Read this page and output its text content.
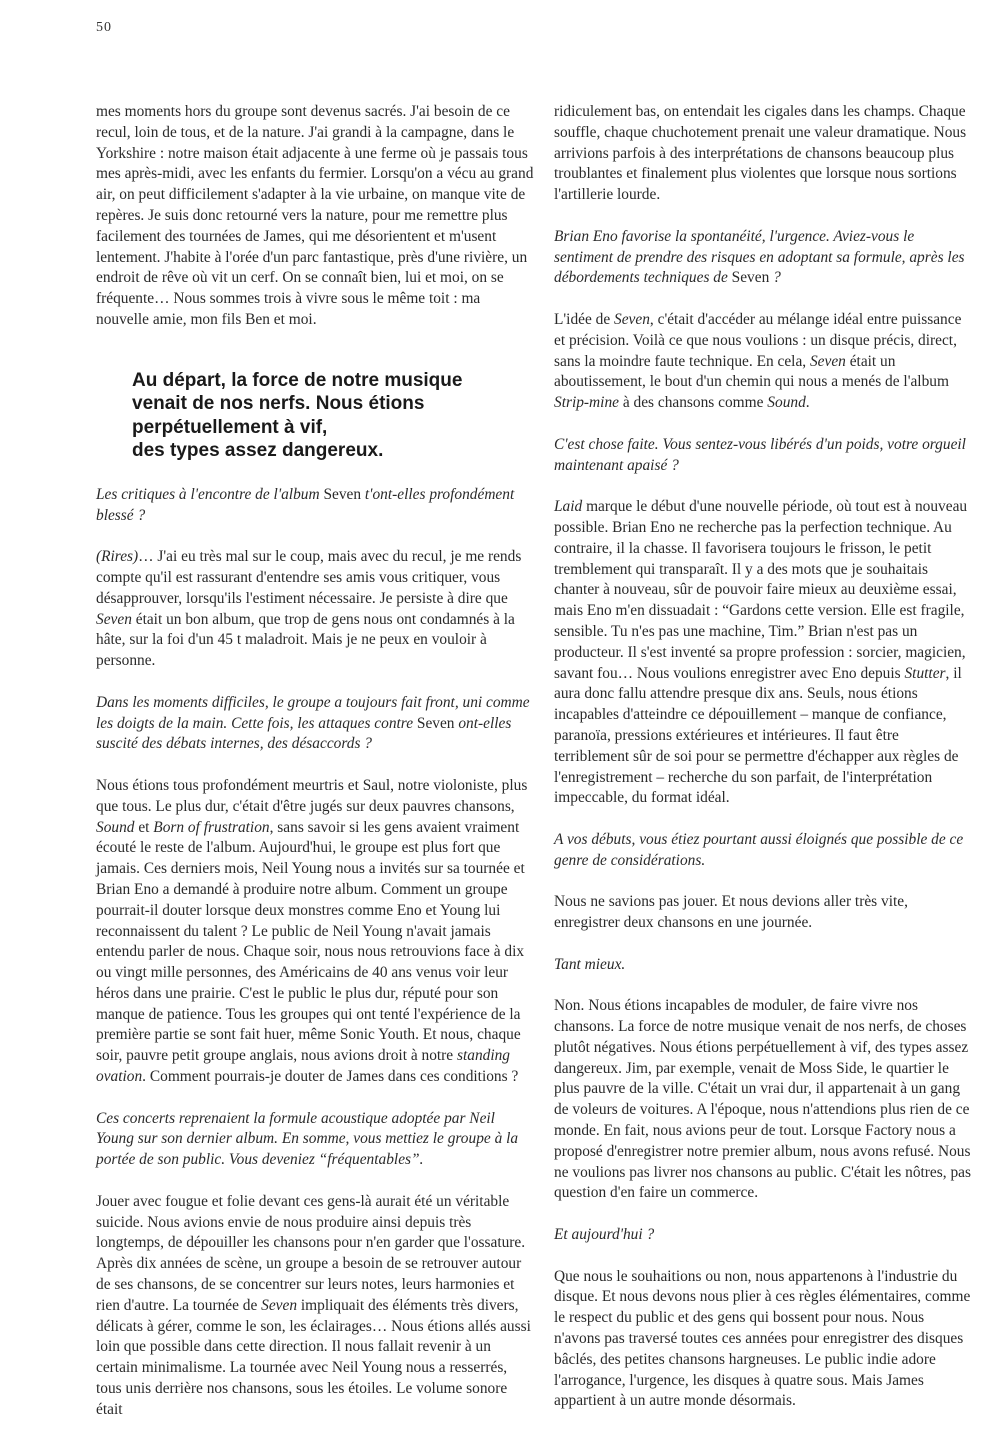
50

mes moments hors du groupe sont devenus sacrés. J'ai besoin de ce recul, loin de tous, et de la nature. J'ai grandi à la campagne, dans le Yorkshire : notre maison était adjacente à une ferme où je passais tous mes après-midi, avec les enfants du fermier. Lorsqu'on a vécu au grand air, on peut difficilement s'adapter à la vie urbaine, on manque vite de repères. Je suis donc retourné vers la nature, pour me remettre plus facilement des tournées de James, qui me désorientent et m'usent lentement. J'habite à l'orée d'un parc fantastique, près d'une rivière, un endroit de rêve où vit un cerf. On se connaît bien, lui et moi, on se fréquente… Nous sommes trois à vivre sous le même toit : ma nouvelle amie, mon fils Ben et moi.

Au départ, la force de notre musique
venait de nos nerfs. Nous étions
perpétuellement à vif,
des types assez dangereux.

Les critiques à l'encontre de l'album Seven t'ont-elles profondément blessé ?

(Rires)… J'ai eu très mal sur le coup, mais avec du recul, je me rends compte qu'il est rassurant d'entendre ses amis vous critiquer, vous désapprouver, lorsqu'ils l'estiment nécessaire. Je persiste à dire que Seven était un bon album, que trop de gens nous ont condamnés à la hâte, sur la foi d'un 45 t maladroit. Mais je ne peux en vouloir à personne.

Dans les moments difficiles, le groupe a toujours fait front, uni comme les doigts de la main. Cette fois, les attaques contre Seven ont-elles suscité des débats internes, des désaccords ?

Nous étions tous profondément meurtris et Saul, notre violoniste, plus que tous. Le plus dur, c'était d'être jugés sur deux pauvres chansons, Sound et Born of frustration, sans savoir si les gens avaient vraiment écouté le reste de l'album. Aujourd'hui, le groupe est plus fort que jamais. Ces derniers mois, Neil Young nous a invités sur sa tournée et Brian Eno a demandé à produire notre album. Comment un groupe pourrait-il douter lorsque deux monstres comme Eno et Young lui reconnaissent du talent ? Le public de Neil Young n'avait jamais entendu parler de nous. Chaque soir, nous nous retrouvions face à dix ou vingt mille personnes, des Américains de 40 ans venus voir leur héros dans une prairie. C'est le public le plus dur, réputé pour son manque de patience. Tous les groupes qui ont tenté l'expérience de la première partie se sont fait huer, même Sonic Youth. Et nous, chaque soir, pauvre petit groupe anglais, nous avions droit à notre standing ovation. Comment pourrais-je douter de James dans ces conditions ?

Ces concerts reprenaient la formule acoustique adoptée par Neil Young sur son dernier album. En somme, vous mettiez le groupe à la portée de son public. Vous deveniez “fréquentables”.

Jouer avec fougue et folie devant ces gens-là aurait été un véritable suicide. Nous avions envie de nous produire ainsi depuis très longtemps, de dépouiller les chansons pour n'en garder que l'ossature. Après dix années de scène, un groupe a besoin de se retrouver autour de ses chansons, de se concentrer sur leurs notes, leurs harmonies et rien d'autre. La tournée de Seven impliquait des éléments très divers, délicats à gérer, comme le son, les éclairages… Nous étions allés aussi loin que possible dans cette direction. Il nous fallait revenir à un certain minimalisme. La tournée avec Neil Young nous a resserrés, tous unis derrière nos chansons, sous les étoiles. Le volume sonore était

ridiculement bas, on entendait les cigales dans les champs. Chaque souffle, chaque chuchotement prenait une valeur dramatique. Nous arrivions parfois à des interprétations de chansons beaucoup plus troublantes et finalement plus violentes que lorsque nous sortions l'artillerie lourde.

Brian Eno favorise la spontanéité, l'urgence. Aviez-vous le sentiment de prendre des risques en adoptant sa formule, après les débordements techniques de Seven ?

L'idée de Seven, c'était d'accéder au mélange idéal entre puissance et précision. Voilà ce que nous voulions : un disque précis, direct, sans la moindre faute technique. En cela, Seven était un aboutissement, le bout d'un chemin qui nous a menés de l'album Strip-mine à des chansons comme Sound.

C'est chose faite. Vous sentez-vous libérés d'un poids, votre orgueil maintenant apaisé ?

Laid marque le début d'une nouvelle période, où tout est à nouveau possible. Brian Eno ne recherche pas la perfection technique. Au contraire, il la chasse. Il favorisera toujours le frisson, le petit tremblement qui transparaît. Il y a des mots que je souhaitais chanter à nouveau, sûr de pouvoir faire mieux au deuxième essai, mais Eno m'en dissuadait : “Gardons cette version. Elle est fragile, sensible. Tu n'es pas une machine, Tim.” Brian n'est pas un producteur. Il s'est inventé sa propre profession : sorcier, magicien, savant fou… Nous voulions enregistrer avec Eno depuis Stutter, il aura donc fallu attendre presque dix ans. Seuls, nous étions incapables d'atteindre ce dépouillement – manque de confiance, paranoïa, pressions extérieures et intérieures. Il faut être terriblement sûr de soi pour se permettre d'échapper aux règles de l'enregistrement – recherche du son parfait, de l'interprétation impeccable, du format idéal.

A vos débuts, vous étiez pourtant aussi éloignés que possible de ce genre de considérations.

Nous ne savions pas jouer. Et nous devions aller très vite, enregistrer deux chansons en une journée.

Tant mieux.

Non. Nous étions incapables de moduler, de faire vivre nos chansons. La force de notre musique venait de nos nerfs, de choses plutôt négatives. Nous étions perpétuellement à vif, des types assez dangereux. Jim, par exemple, venait de Moss Side, le quartier le plus pauvre de la ville. C'était un vrai dur, il appartenait à un gang de voleurs de voitures. A l'époque, nous n'attendions plus rien de ce monde. En fait, nous avions peur de tout. Lorsque Factory nous a proposé d'enregistrer notre premier album, nous avons refusé. Nous ne voulions pas livrer nos chansons au public. C'était les nôtres, pas question d'en faire un commerce.

Et aujourd'hui ?

Que nous le souhaitions ou non, nous appartenons à l'industrie du disque. Et nous devons nous plier à ces règles élémentaires, comme le respect du public et des gens qui bossent pour nous. Nous n'avons pas traversé toutes ces années pour enregistrer des disques bâclés, des petites chansons hargneuses. Le public indie adore l'arrogance, l'urgence, les disques à quatre sous. Mais James appartient à un autre monde désormais.
